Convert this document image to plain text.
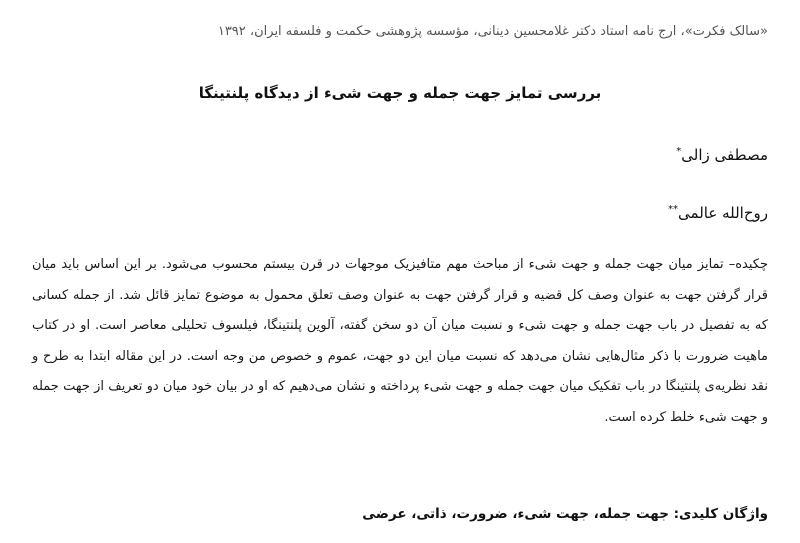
«سالک فکرت»، ارج نامه استاد دکتر غلامحسین دینانی، مؤسسه پژوهشی حکمت و فلسفه ایران، ۱۳۹۲
بررسی تمایز جهت جمله و جهت شیء از دیدگاه پلنتینگا
مصطفی زالی*
روح‌الله عالمی**
چکیده– تمایز میان جهت جمله و جهت شیء از مباحث مهم متافیزیک موجهات در قرن بیستم محسوب می‌شود. بر این اساس باید میان قرار گرفتن جهت به عنوان وصف کل قضیه و قرار گرفتن جهت به عنوان وصف تعلق محمول به موضوع تمایز قائل شد. از جمله کسانی که به تفصیل در باب جهت جمله و جهت شیء و نسبت میان آن دو سخن گفته، آلوین پلنتینگا، فیلسوف تحلیلی معاصر است. او در کتاب ماهیت ضرورت با ذکر مثال‌هایی نشان می‌دهد که نسبت میان این دو جهت، عموم و خصوص من وجه است. در این مقاله ابتدا به طرح و نقد نظریه‌ی پلنتینگا در باب تفکیک میان جهت جمله و جهت شیء پرداخته و نشان می‌دهیم که او در بیان خود میان دو تعریف از جهت جمله و جهت شیء خلط کرده است.
واژگان کلیدی: جهت جمله، جهت شیء، ضرورت، ذاتی، عرضی
